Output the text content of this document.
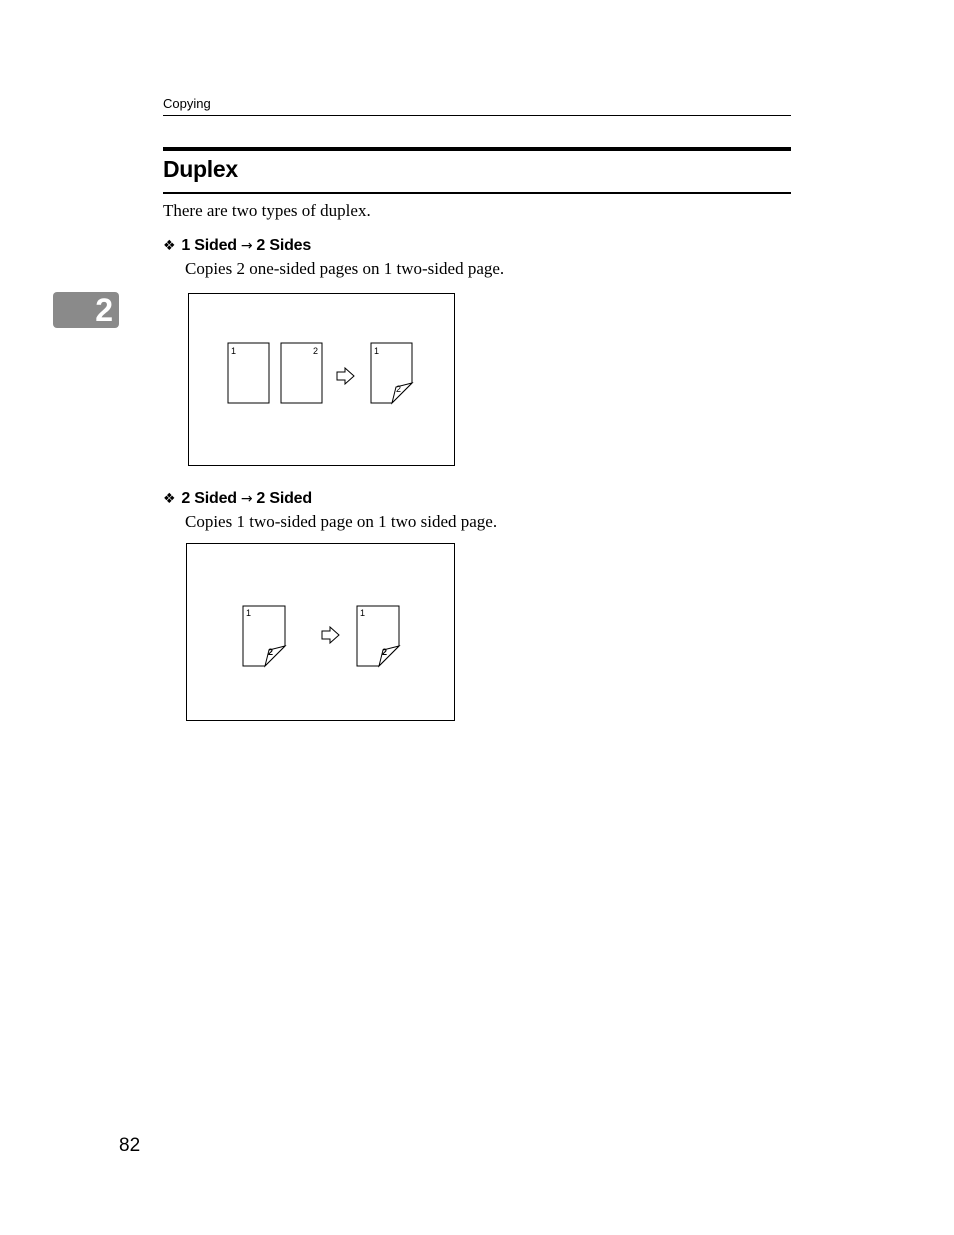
Copying
2
Duplex
There are two types of duplex.
❖ 1 Sided → 2 Sides
Copies 2 one-sided pages on 1 two-sided page.
1	2	1
2
❖ 2 Sided → 2 Sided
Copies 1 two-sided page on 1 two sided page.
1
2
1
2
82
